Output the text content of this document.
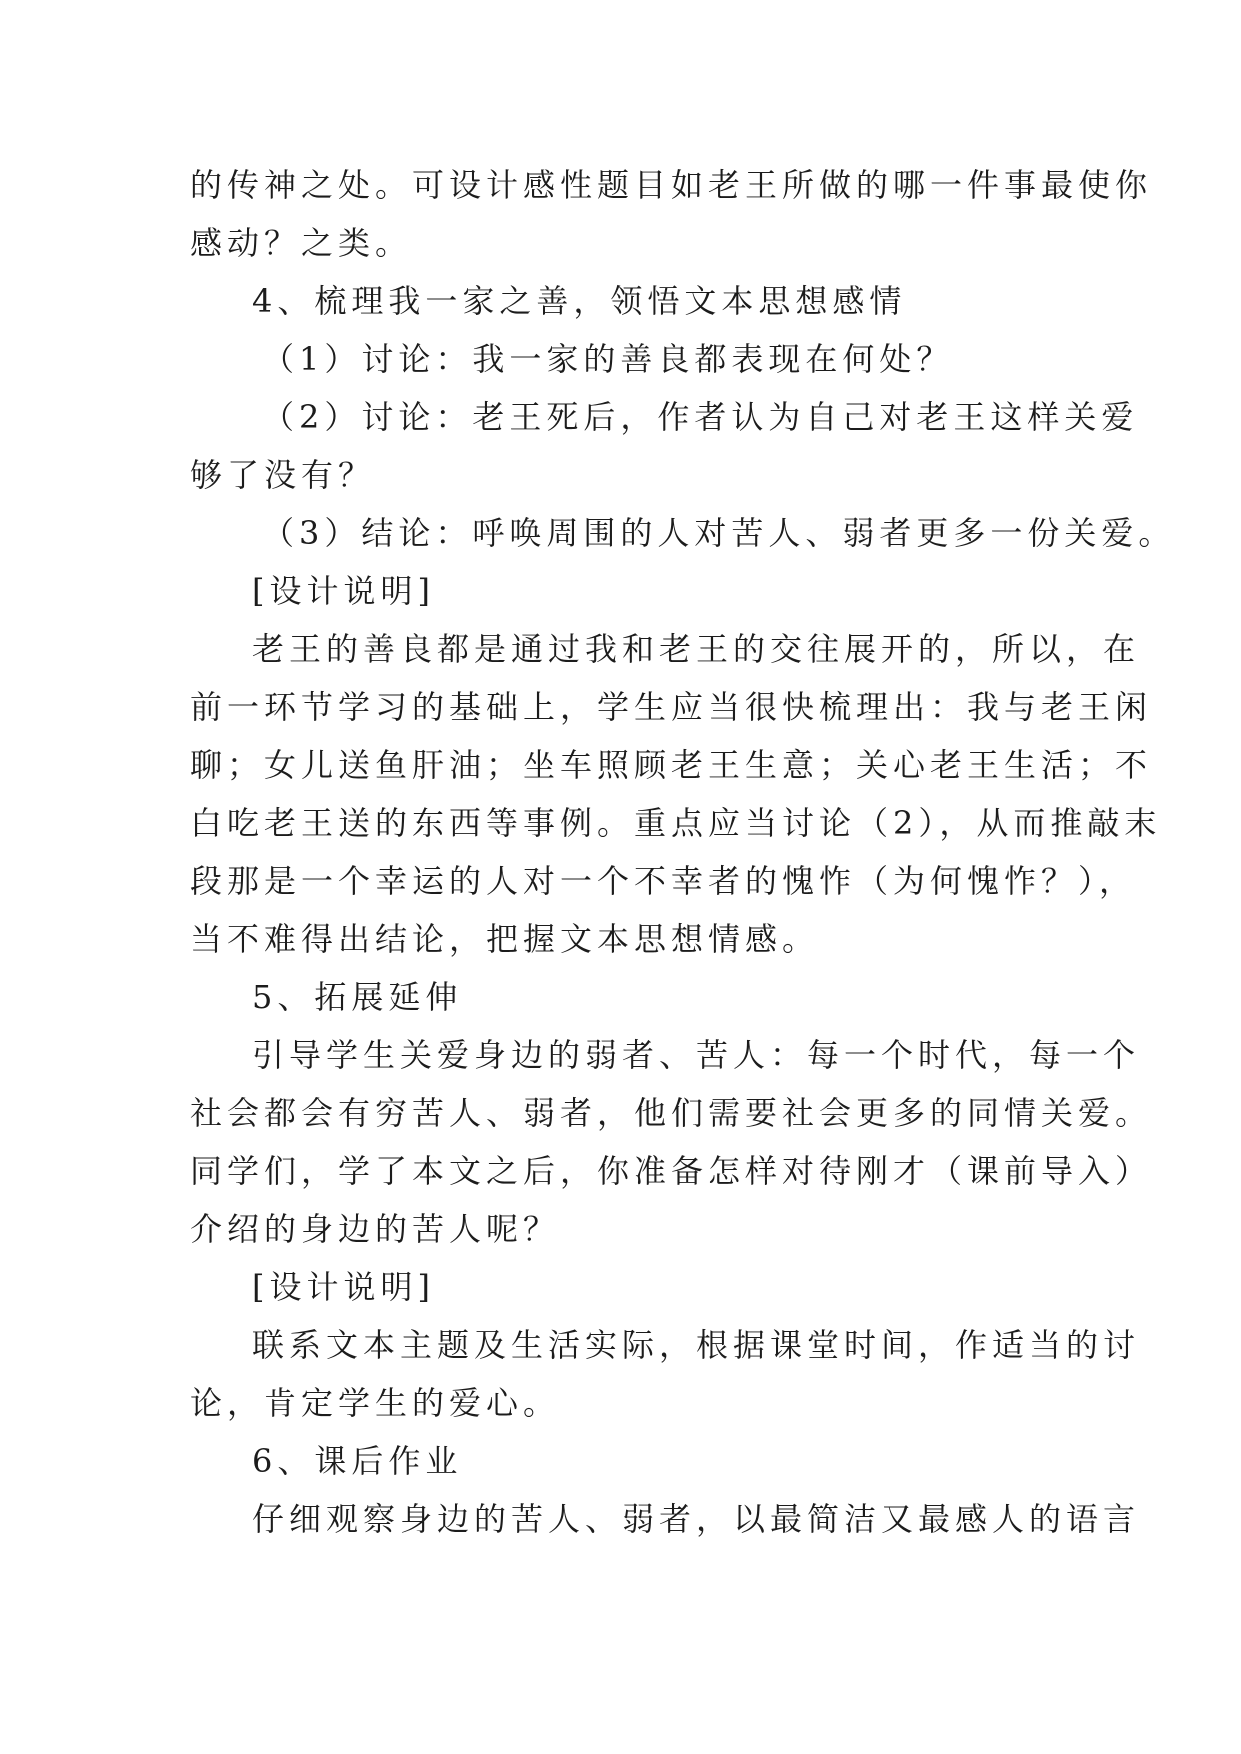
的传神之处。可设计感性题目如老王所做的哪一件事最使你

感动？之类。

4、梳理我一家之善，领悟文本思想感情

（1）讨论：我一家的善良都表现在何处？

（2）讨论：老王死后，作者认为自己对老王这样关爱

够了没有？

（3）结论：呼唤周围的人对苦人、弱者更多一份关爱。

[设计说明]

老王的善良都是通过我和老王的交往展开的，所以，在

前一环节学习的基础上，学生应当很快梳理出：我与老王闲

聊；女儿送鱼肝油；坐车照顾老王生意；关心老王生活；不

白吃老王送的东西等事例。重点应当讨论（2），从而推敲末

段那是一个幸运的人对一个不幸者的愧怍（为何愧怍？），

当不难得出结论，把握文本思想情感。

5、拓展延伸

引导学生关爱身边的弱者、苦人：每一个时代，每一个

社会都会有穷苦人、弱者，他们需要社会更多的同情关爱。

同学们，学了本文之后，你准备怎样对待刚才（课前导入）

介绍的身边的苦人呢？

[设计说明]

联系文本主题及生活实际，根据课堂时间，作适当的讨

论，肯定学生的爱心。

6、课后作业

仔细观察身边的苦人、弱者，以最简洁又最感人的语言
